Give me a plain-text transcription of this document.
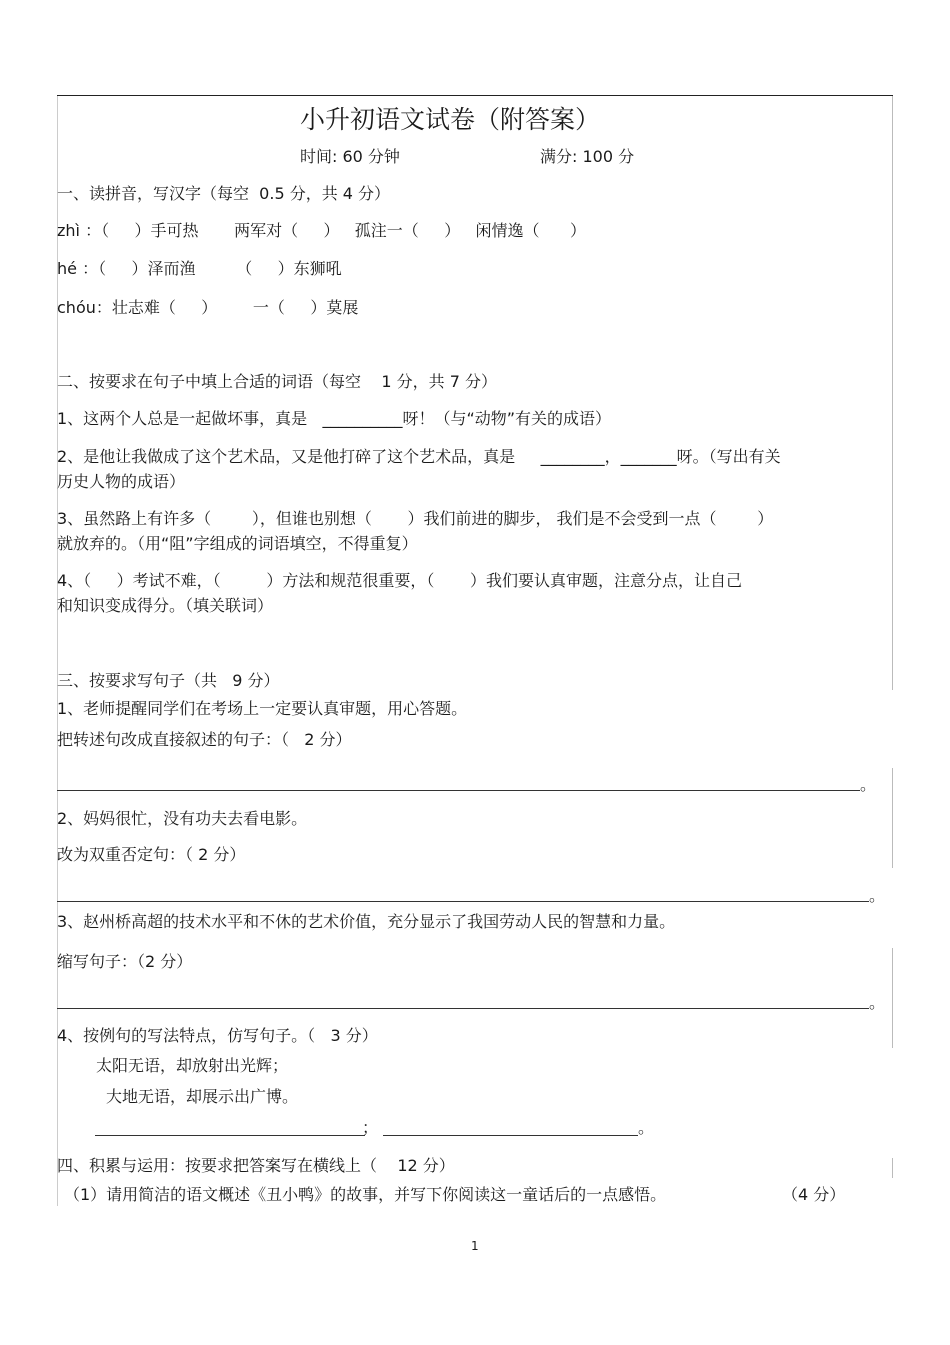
小升初语文试卷（附答案）
时间: 60 分钟	满分: 100 分
一、读拼音，写汉字（每空  0.5 分，共 4 分）
zhì ：（     ）手可热       两军对（     ）   孤注一（     ）   闲情逸（      ）
hé ：（     ）泽而渔        （     ）东狮吼
chóu：壮志难（     ）       一（     ）莫展
二、按要求在句子中填上合适的词语（每空    1 分，共 7 分）
1、这两个人总是一起做坏事，真是   __________呀！（与“动物”有关的成语）
2、是他让我做成了这个艺术品，又是他打碎了这个艺术品，真是     ________，_______呀。（写出有关
历史人物的成语）
3、虽然路上有许多（        ），但谁也别想（       ）我们前进的脚步， 我们是不会受到一点（        ）
就放弃的。（用“阻”字组成的词语填空，不得重复）
4、（     ）考试不难，（         ）方法和规范很重要，（       ）我们要认真审题，注意分点，让自己
和知识变成得分。（填关联词）
三、按要求写句子（共   9 分）
1、老师提醒同学们在考场上一定要认真审题，用心答题。
把转述句改成直接叙述的句子：（   2 分）
。
2、妈妈很忙，没有功夫去看电影。
改为双重否定句：（ 2 分）
。
3、赵州桥高超的技术水平和不休的艺术价值，充分显示了我国劳动人民的智慧和力量。
缩写句子：（2 分）
。
4、按例句的写法特点，仿写句子。（   3 分）
太阳无语，却放射出光辉；
大地无语，却展示出广博。
；	。
四、积累与运用：按要求把答案写在横线上（    12 分）
（1）请用简洁的语文概述《丑小鸭》的故事，并写下你阅读这一童话后的一点感悟。	（4 分）
1
